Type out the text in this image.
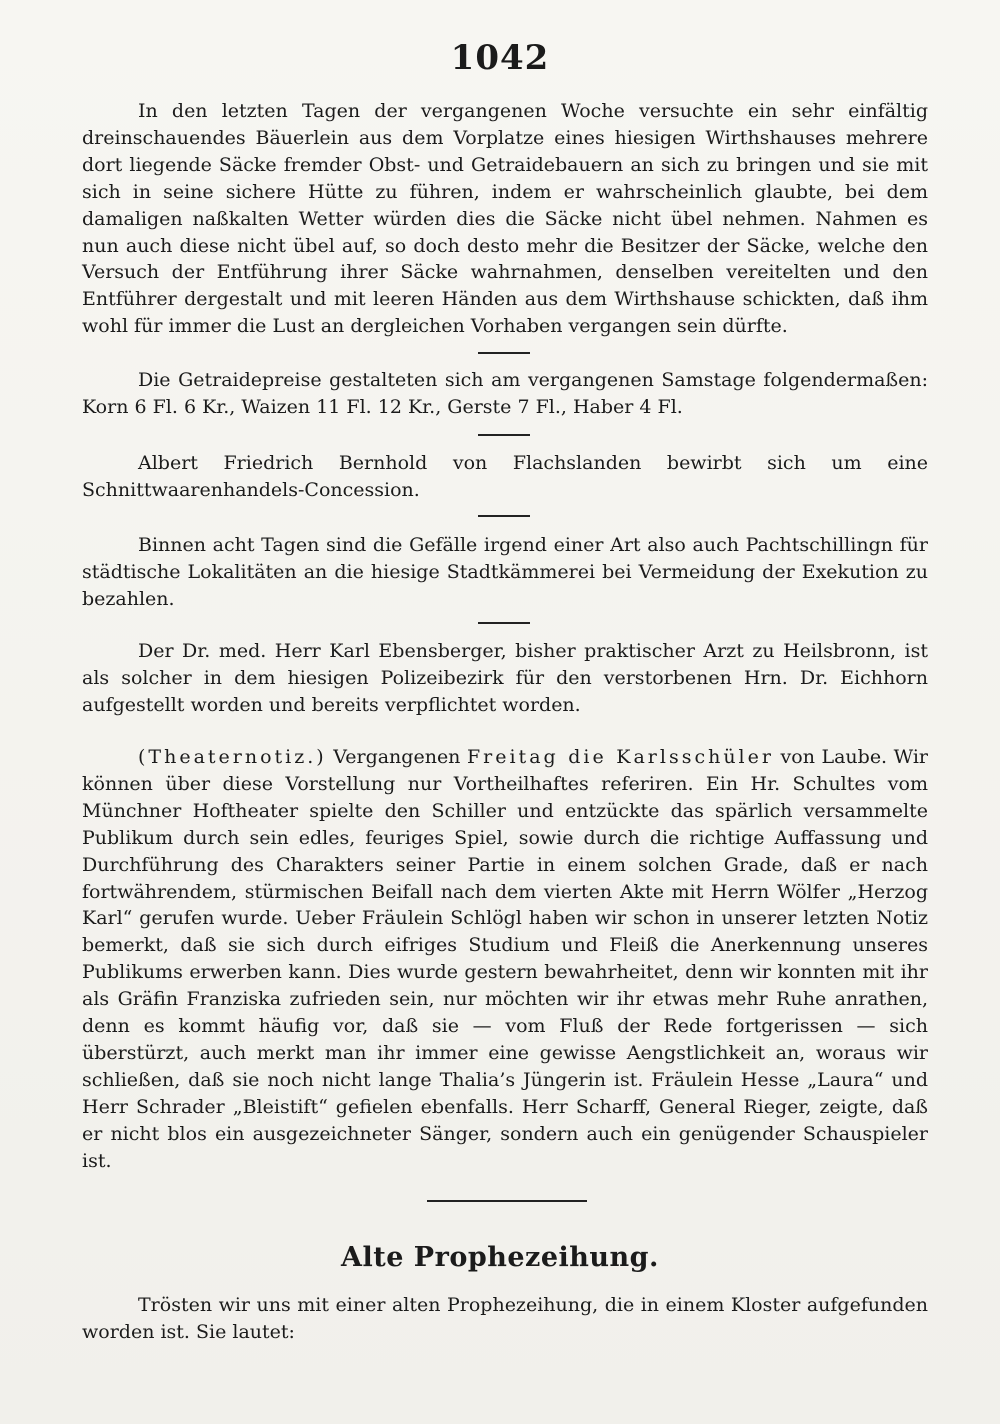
1042
In den letzten Tagen der vergangenen Woche versuchte ein sehr einfältig dreinschauendes Bäuerlein aus dem Vorplatze eines hiesigen Wirthshauses mehrere dort liegende Säcke fremder Obst- und Getraidebauern an sich zu bringen und sie mit sich in seine sichere Hütte zu führen, indem er wahrscheinlich glaubte, bei dem damaligen naßkalten Wetter würden dies die Säcke nicht übel nehmen. Nahmen es nun auch diese nicht übel auf, so doch desto mehr die Besitzer der Säcke, welche den Versuch der Entführung ihrer Säcke wahrnahmen, denselben vereitelten und den Entführer dergestalt und mit leeren Händen aus dem Wirthshause schickten, daß ihm wohl für immer die Lust an dergleichen Vorhaben vergangen sein dürfte.
Die Getraidepreise gestalteten sich am vergangenen Samstage folgendermaßen: Korn 6 Fl. 6 Kr., Waizen 11 Fl. 12 Kr., Gerste 7 Fl., Haber 4 Fl.
Albert Friedrich Bernhold von Flachslanden bewirbt sich um eine Schnittwaarenhandels-Concession.
Binnen acht Tagen sind die Gefälle irgend einer Art also auch Pachtschillingn für städtische Lokalitäten an die hiesige Stadtkämmerei bei Vermeidung der Exekution zu bezahlen.
Der Dr. med. Herr Karl Ebensberger, bisher praktischer Arzt zu Heilsbronn, ist als solcher in dem hiesigen Polizeibezirk für den verstorbenen Hrn. Dr. Eichhorn aufgestellt worden und bereits verpflichtet worden.
(Theaternotiz.) Vergangenen Freitag die Karlsschüler von Laube. Wir können über diese Vorstellung nur Vortheilhaftes referiren. Ein Hr. Schultes vom Münchner Hoftheater spielte den Schiller und entzückte das spärlich versammelte Publikum durch sein edles, feuriges Spiel, sowie durch die richtige Auffassung und Durchführung des Charakters seiner Partie in einem solchen Grade, daß er nach fortwährendem, stürmischen Beifall nach dem vierten Akte mit Herrn Wölfer „Herzog Karl“ gerufen wurde. Ueber Fräulein Schlögl haben wir schon in unserer letzten Notiz bemerkt, daß sie sich durch eifriges Studium und Fleiß die Anerkennung unseres Publikums erwerben kann. Dies wurde gestern bewahrheitet, denn wir konnten mit ihr als Gräfin Franziska zufrieden sein, nur möchten wir ihr etwas mehr Ruhe anrathen, denn es kommt häufig vor, daß sie — vom Fluß der Rede fortgerissen — sich überstürzt, auch merkt man ihr immer eine gewisse Aengstlichkeit an, woraus wir schließen, daß sie noch nicht lange Thalia’s Jüngerin ist. Fräulein Hesse „Laura“ und Herr Schrader „Bleistift“ gefielen ebenfalls. Herr Scharff, General Rieger, zeigte, daß er nicht blos ein ausgezeichneter Sänger, sondern auch ein genügender Schauspieler ist.
Alte Prophezeihung.
Trösten wir uns mit einer alten Prophezeihung, die in einem Kloster aufgefunden worden ist. Sie lautet:
